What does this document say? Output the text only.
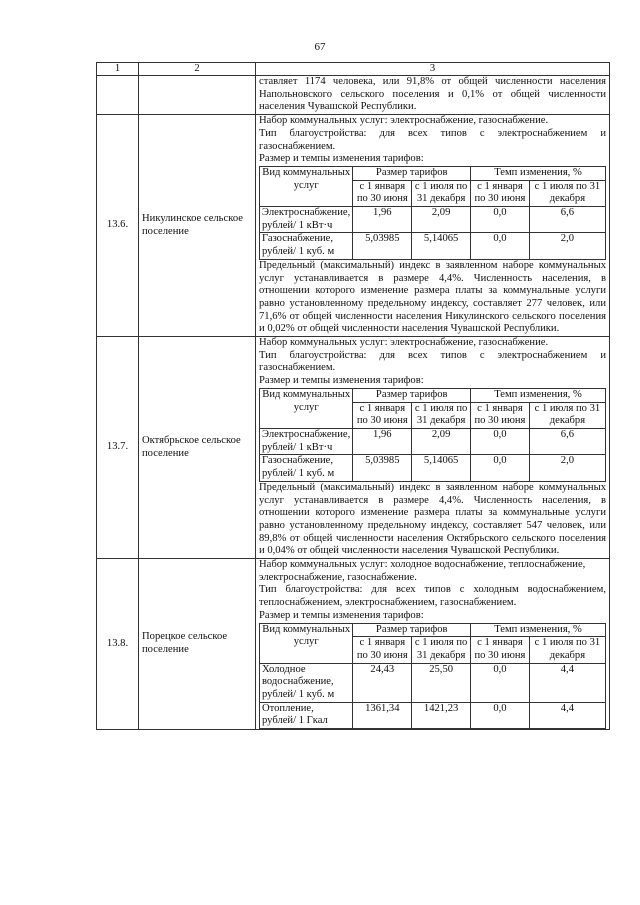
67
1	2	3
		ставляет 1174 человека, или 91,8% от общей численности населения Напольновского сельского поселения и 0,1% от общей численности населения Чувашской Республики.
13.6.	Никулинское сельское поселение	
Набор коммунальных услуг: электроснабжение, газоснабжение.
Тип благоустройства: для всех типов с электроснабжением и газоснабжением.
Размер и темпы изменения тарифов:
Вид коммунальных услуг	Размер тарифов	Темп изменения, %
с 1 января по 30 июня	с 1 июля по 31 декабря	с 1 января по 30 июня	с 1 июля по 31 декабря
Электроснабжение, рублей/ 1 кВт·ч	1,96	2,09	0,0	6,6
Газоснабжение, рублей/ 1 куб. м	5,03985	5,14065	0,0	2,0
Предельный (максимальный) индекс в заявленном наборе коммунальных услуг устанавливается в размере 4,4%. Численность населения, в отношении которого изменение размера платы за коммунальные услуги равно установленному предельному индексу, составляет 277 человек, или 71,6% от общей численности населения Никулинского сельского поселения и 0,02% от общей численности населения Чувашской Республики.

13.7.	Октябрьское сельское поселение	
Набор коммунальных услуг: электроснабжение, газоснабжение.
Тип благоустройства: для всех типов с электроснабжением и газоснабжением.
Размер и темпы изменения тарифов:
Вид коммунальных услуг	Размер тарифов	Темп изменения, %
с 1 января по 30 июня	с 1 июля по 31 декабря	с 1 января по 30 июня	с 1 июля по 31 декабря
Электроснабжение, рублей/ 1 кВт·ч	1,96	2,09	0,0	6,6
Газоснабжение, рублей/ 1 куб. м	5,03985	5,14065	0,0	2,0
Предельный (максимальный) индекс в заявленном наборе коммунальных услуг устанавливается в размере 4,4%. Численность населения, в отношении которого изменение размера платы за коммунальные услуги равно установленному предельному индексу, составляет 547 человек, или 89,8% от общей численности населения Октябрьского сельского поселения и 0,04% от общей численности населения Чувашской Республики.

13.8.	Порецкое сельское поселение	
Набор коммунальных услуг: холодное водоснабжение, теплоснабжение, электроснабжение, газоснабжение.
Тип благоустройства: для всех типов с холодным водоснабжением, теплоснабжением, электроснабжением, газоснабжением.
Размер и темпы изменения тарифов:
Вид коммунальных услуг	Размер тарифов	Темп изменения, %
с 1 января по 30 июня	с 1 июля по 31 декабря	с 1 января по 30 июня	с 1 июля по 31 декабря
Холодное водоснабжение, рублей/ 1 куб. м	24,43	25,50	0,0	4,4
Отопление, рублей/ 1 Гкал	1361,34	1421,23	0,0	4,4
